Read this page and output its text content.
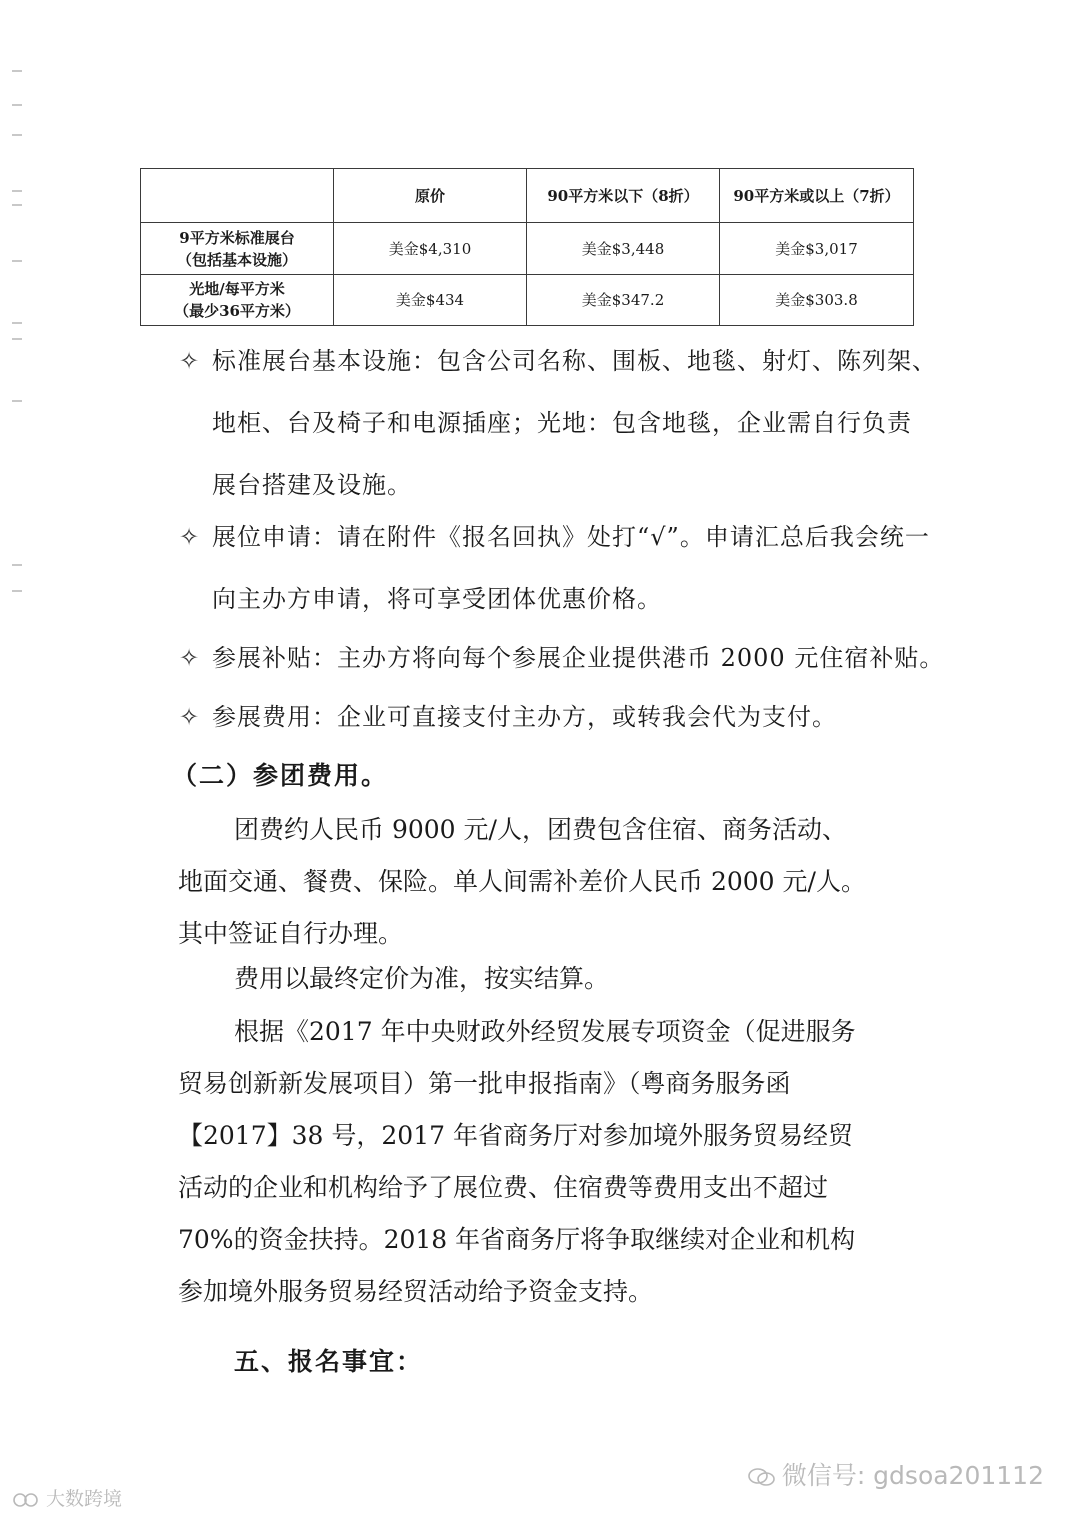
	原价	90平方米以下（8折）	90平方米或以上（7折）
9平方米标准展台
（包括基本设施）	美金$4,310	美金$3,448	美金$3,017
光地/每平方米
（最少36平方米）	美金$434	美金$347.2	美金$303.8
✧ 标准展台基本设施：包含公司名称、围板、地毯、射灯、陈列架、
地柜、台及椅子和电源插座；光地：包含地毯，企业需自行负责
展台搭建及设施。
✧ 展位申请：请在附件《报名回执》处打“√”。申请汇总后我会统一
向主办方申请，将可享受团体优惠价格。
✧ 参展补贴：主办方将向每个参展企业提供港币 2000 元住宿补贴。
✧ 参展费用：企业可直接支付主办方，或转我会代为支付。
（二）参团费用。
团费约人民币 9000 元/人，团费包含住宿、商务活动、
地面交通、餐费、保险。单人间需补差价人民币 2000 元/人。
其中签证自行办理。
费用以最终定价为准，按实结算。
根据《2017 年中央财政外经贸发展专项资金（促进服务
贸易创新新发展项目）第一批申报指南》（粤商务服务函
【2017】38 号，2017 年省商务厅对参加境外服务贸易经贸
活动的企业和机构给予了展位费、住宿费等费用支出不超过
70%的资金扶持。2018 年省商务厅将争取继续对企业和机构
参加境外服务贸易经贸活动给予资金支持。
五、报名事宜：
微信号: gdsoa201112
大数跨境
